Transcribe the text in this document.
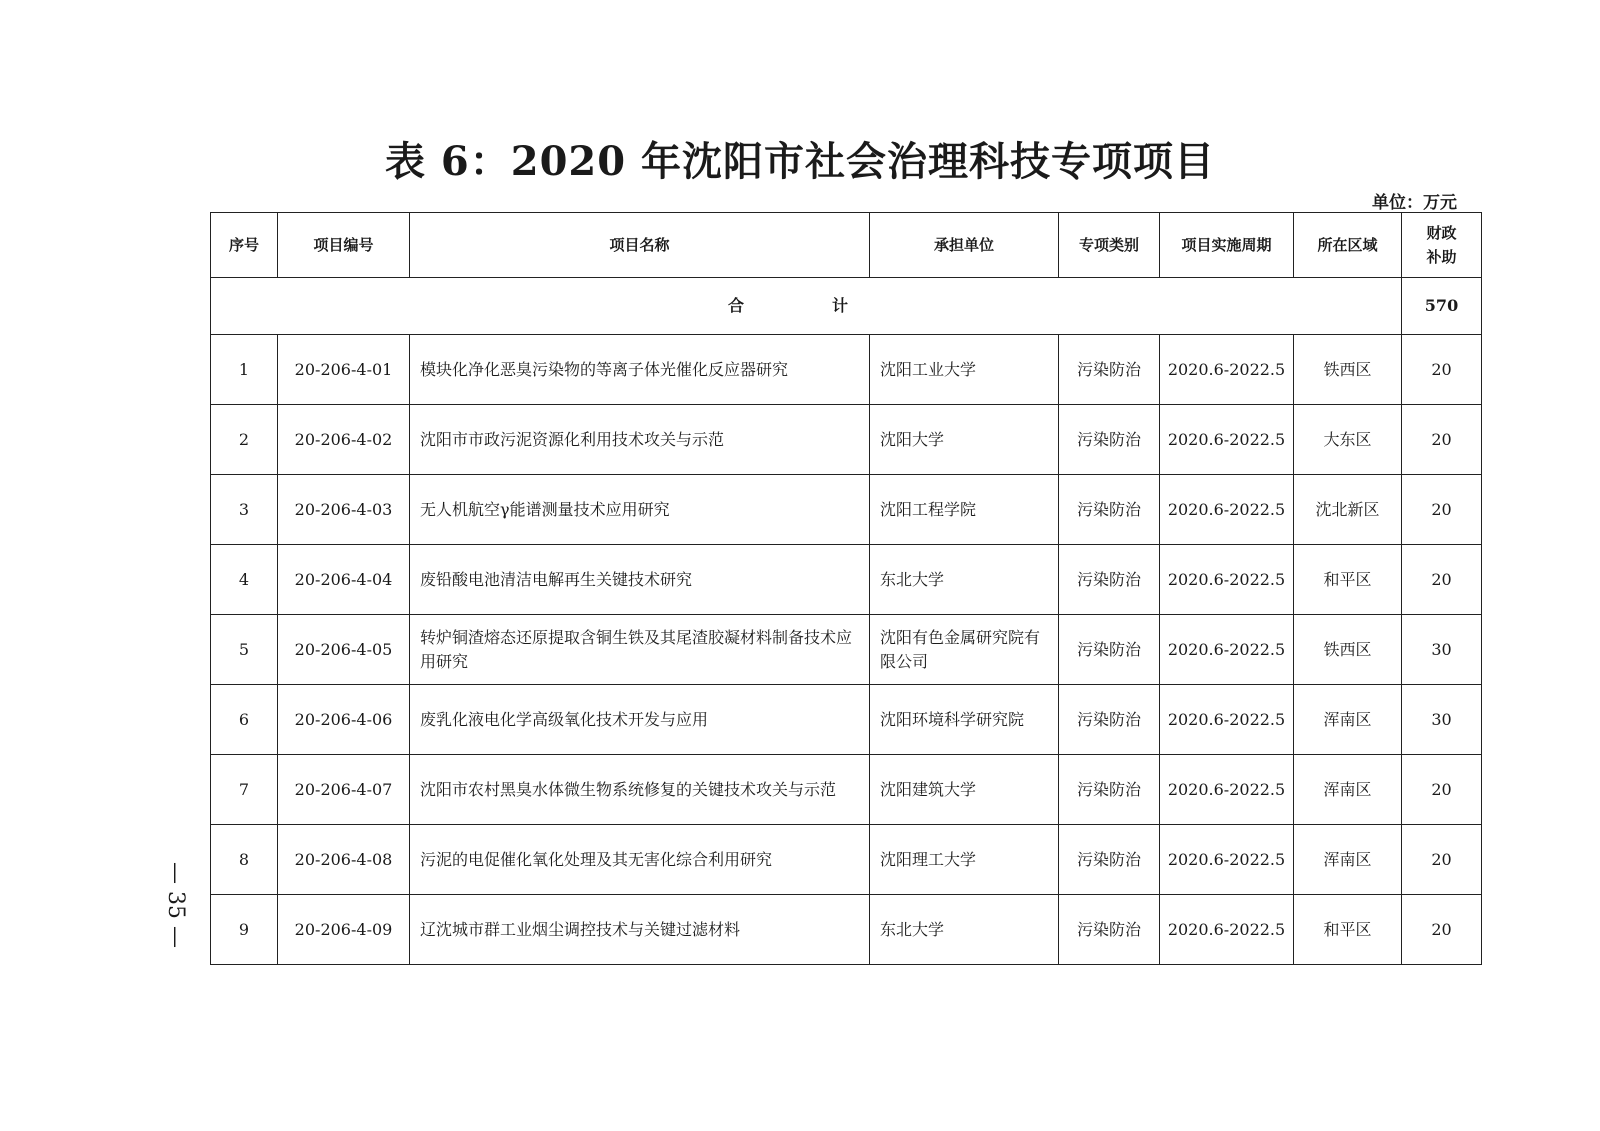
表 6：2020 年沈阳市社会治理科技专项项目
单位：万元
序号	项目编号	项目名称	承担单位	专项类别	项目实施周期	所在区域	财政
补助
合　计							570
1	20-206-4-01	模块化净化恶臭污染物的等离子体光催化反应器研究	沈阳工业大学	污染防治	2020.6-2022.5	铁西区	20
2	20-206-4-02	沈阳市市政污泥资源化利用技术攻关与示范	沈阳大学	污染防治	2020.6-2022.5	大东区	20
3	20-206-4-03	无人机航空γ能谱测量技术应用研究	沈阳工程学院	污染防治	2020.6-2022.5	沈北新区	20
4	20-206-4-04	废铅酸电池清洁电解再生关键技术研究	东北大学	污染防治	2020.6-2022.5	和平区	20
5	20-206-4-05	转炉铜渣熔态还原提取含铜生铁及其尾渣胶凝材料制备技术应用研究	沈阳有色金属研究院有限公司	污染防治	2020.6-2022.5	铁西区	30
6	20-206-4-06	废乳化液电化学高级氧化技术开发与应用	沈阳环境科学研究院	污染防治	2020.6-2022.5	浑南区	30
7	20-206-4-07	沈阳市农村黑臭水体微生物系统修复的关键技术攻关与示范	沈阳建筑大学	污染防治	2020.6-2022.5	浑南区	20
8	20-206-4-08	污泥的电促催化氧化处理及其无害化综合利用研究	沈阳理工大学	污染防治	2020.6-2022.5	浑南区	20
9	20-206-4-09	辽沈城市群工业烟尘调控技术与关键过滤材料	东北大学	污染防治	2020.6-2022.5	和平区	20
— 35 —
